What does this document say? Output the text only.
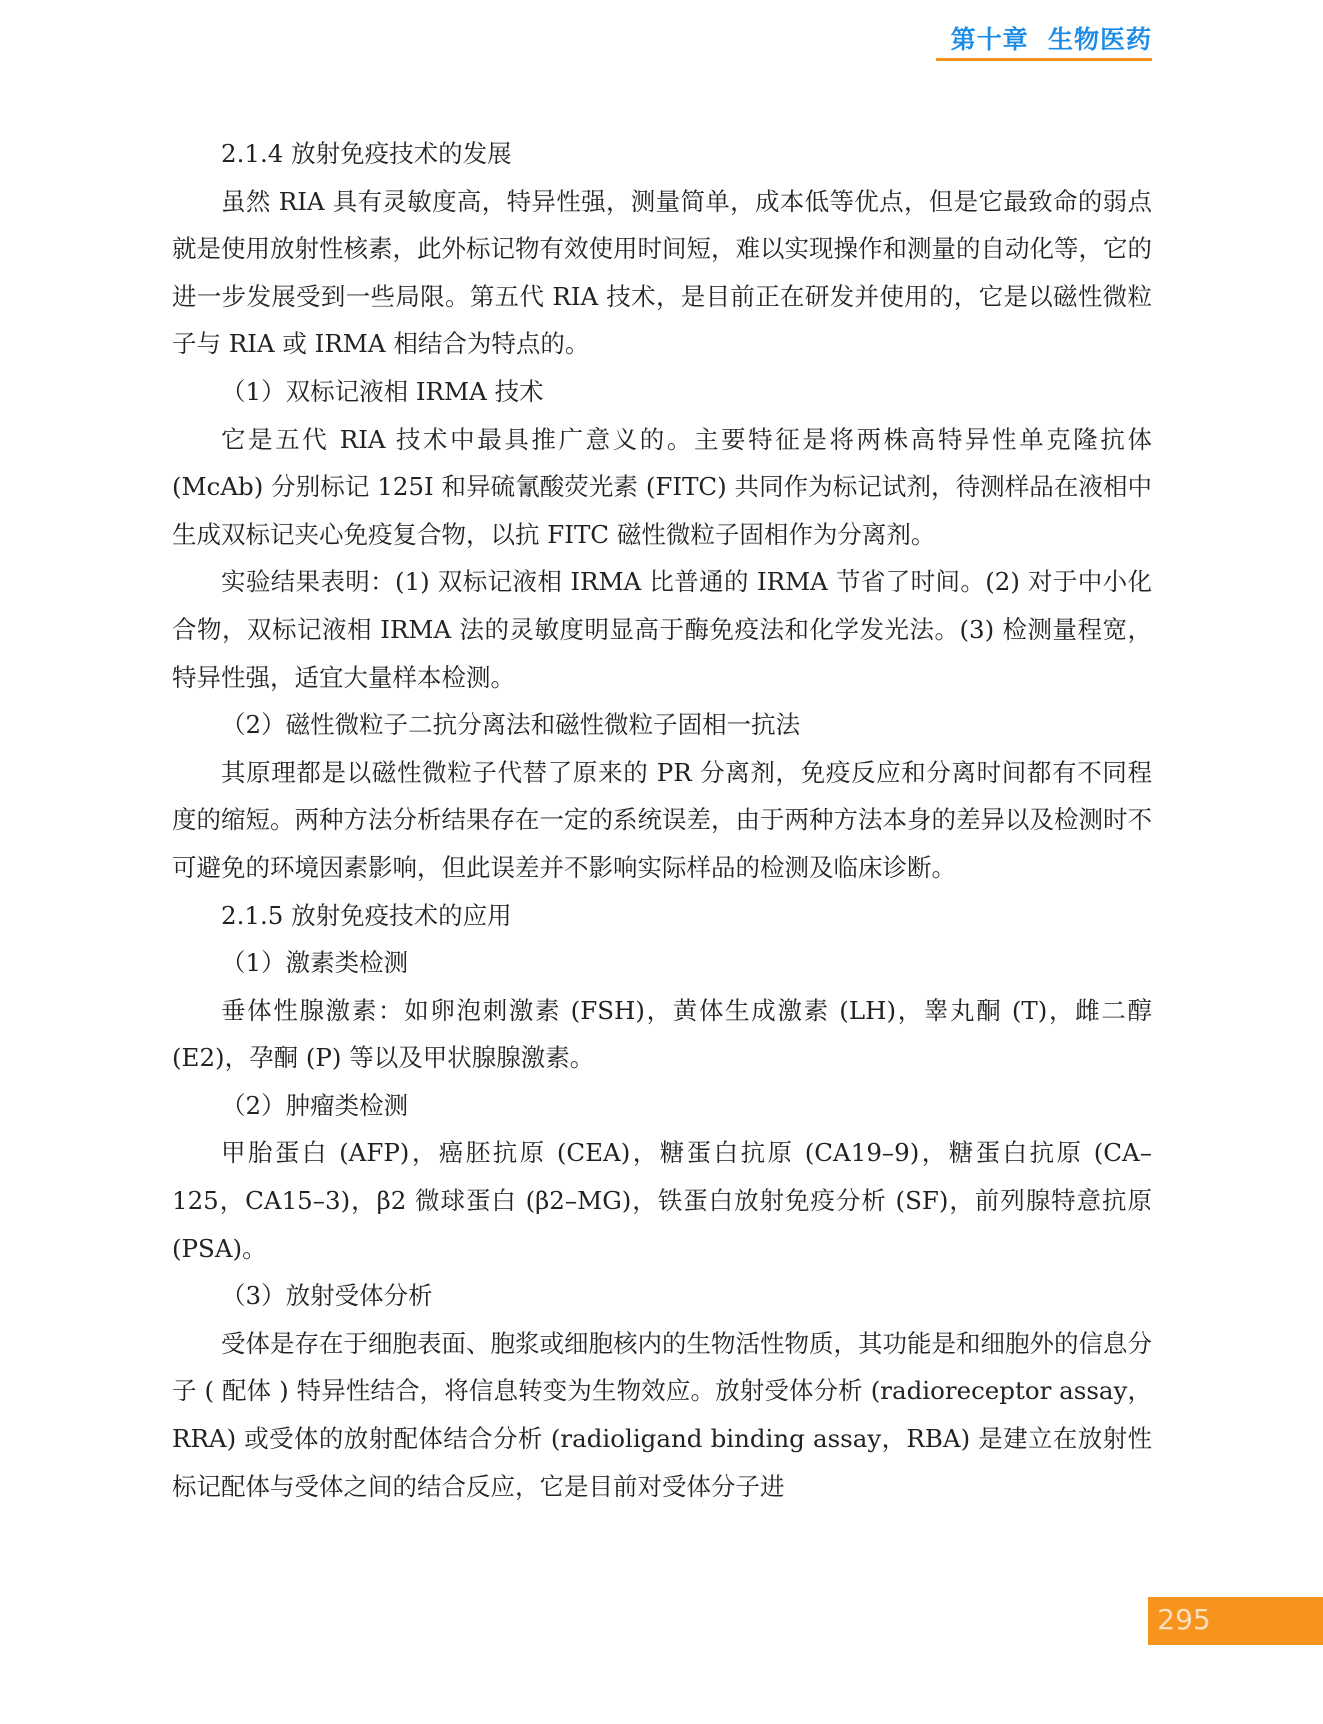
第十章  生物医药

2.1.4 放射免疫技术的发展

虽然 RIA 具有灵敏度高，特异性强，测量简单，成本低等优点，但是它最致命的弱点就是使用放射性核素，此外标记物有效使用时间短，难以实现操作和测量的自动化等，它的进一步发展受到一些局限。第五代 RIA 技术，是目前正在研发并使用的，它是以磁性微粒子与 RIA 或 IRMA 相结合为特点的。

（1）双标记液相 IRMA 技术

它是五代 RIA 技术中最具推广意义的。主要特征是将两株高特异性单克隆抗体 (McAb) 分别标记 125I 和异硫氰酸荧光素 (FITC) 共同作为标记试剂，待测样品在液相中生成双标记夹心免疫复合物，以抗 FITC 磁性微粒子固相作为分离剂。

实验结果表明：(1) 双标记液相 IRMA 比普通的 IRMA 节省了时间。(2) 对于中小化合物，双标记液相 IRMA 法的灵敏度明显高于酶免疫法和化学发光法。(3) 检测量程宽，特异性强，适宜大量样本检测。

（2）磁性微粒子二抗分离法和磁性微粒子固相一抗法

其原理都是以磁性微粒子代替了原来的 PR 分离剂，免疫反应和分离时间都有不同程度的缩短。两种方法分析结果存在一定的系统误差，由于两种方法本身的差异以及检测时不可避免的环境因素影响，但此误差并不影响实际样品的检测及临床诊断。

2.1.5 放射免疫技术的应用

（1）激素类检测

垂体性腺激素：如卵泡刺激素 (FSH)，黄体生成激素 (LH)，睾丸酮 (T)，雌二醇 (E2)，孕酮 (P) 等以及甲状腺腺激素。

（2）肿瘤类检测

甲胎蛋白 (AFP)，癌胚抗原 (CEA)，糖蛋白抗原 (CA19–9)，糖蛋白抗原 (CA–125，CA15–3)，β2 微球蛋白 (β2–MG)，铁蛋白放射免疫分析 (SF)，前列腺特意抗原 (PSA)。

（3）放射受体分析

受体是存在于细胞表面、胞浆或细胞核内的生物活性物质，其功能是和细胞外的信息分子 ( 配体 ) 特异性结合，将信息转变为生物效应。放射受体分析 (radioreceptor assay，RRA) 或受体的放射配体结合分析 (radioligand binding assay，RBA) 是建立在放射性标记配体与受体之间的结合反应，它是目前对受体分子进

295
